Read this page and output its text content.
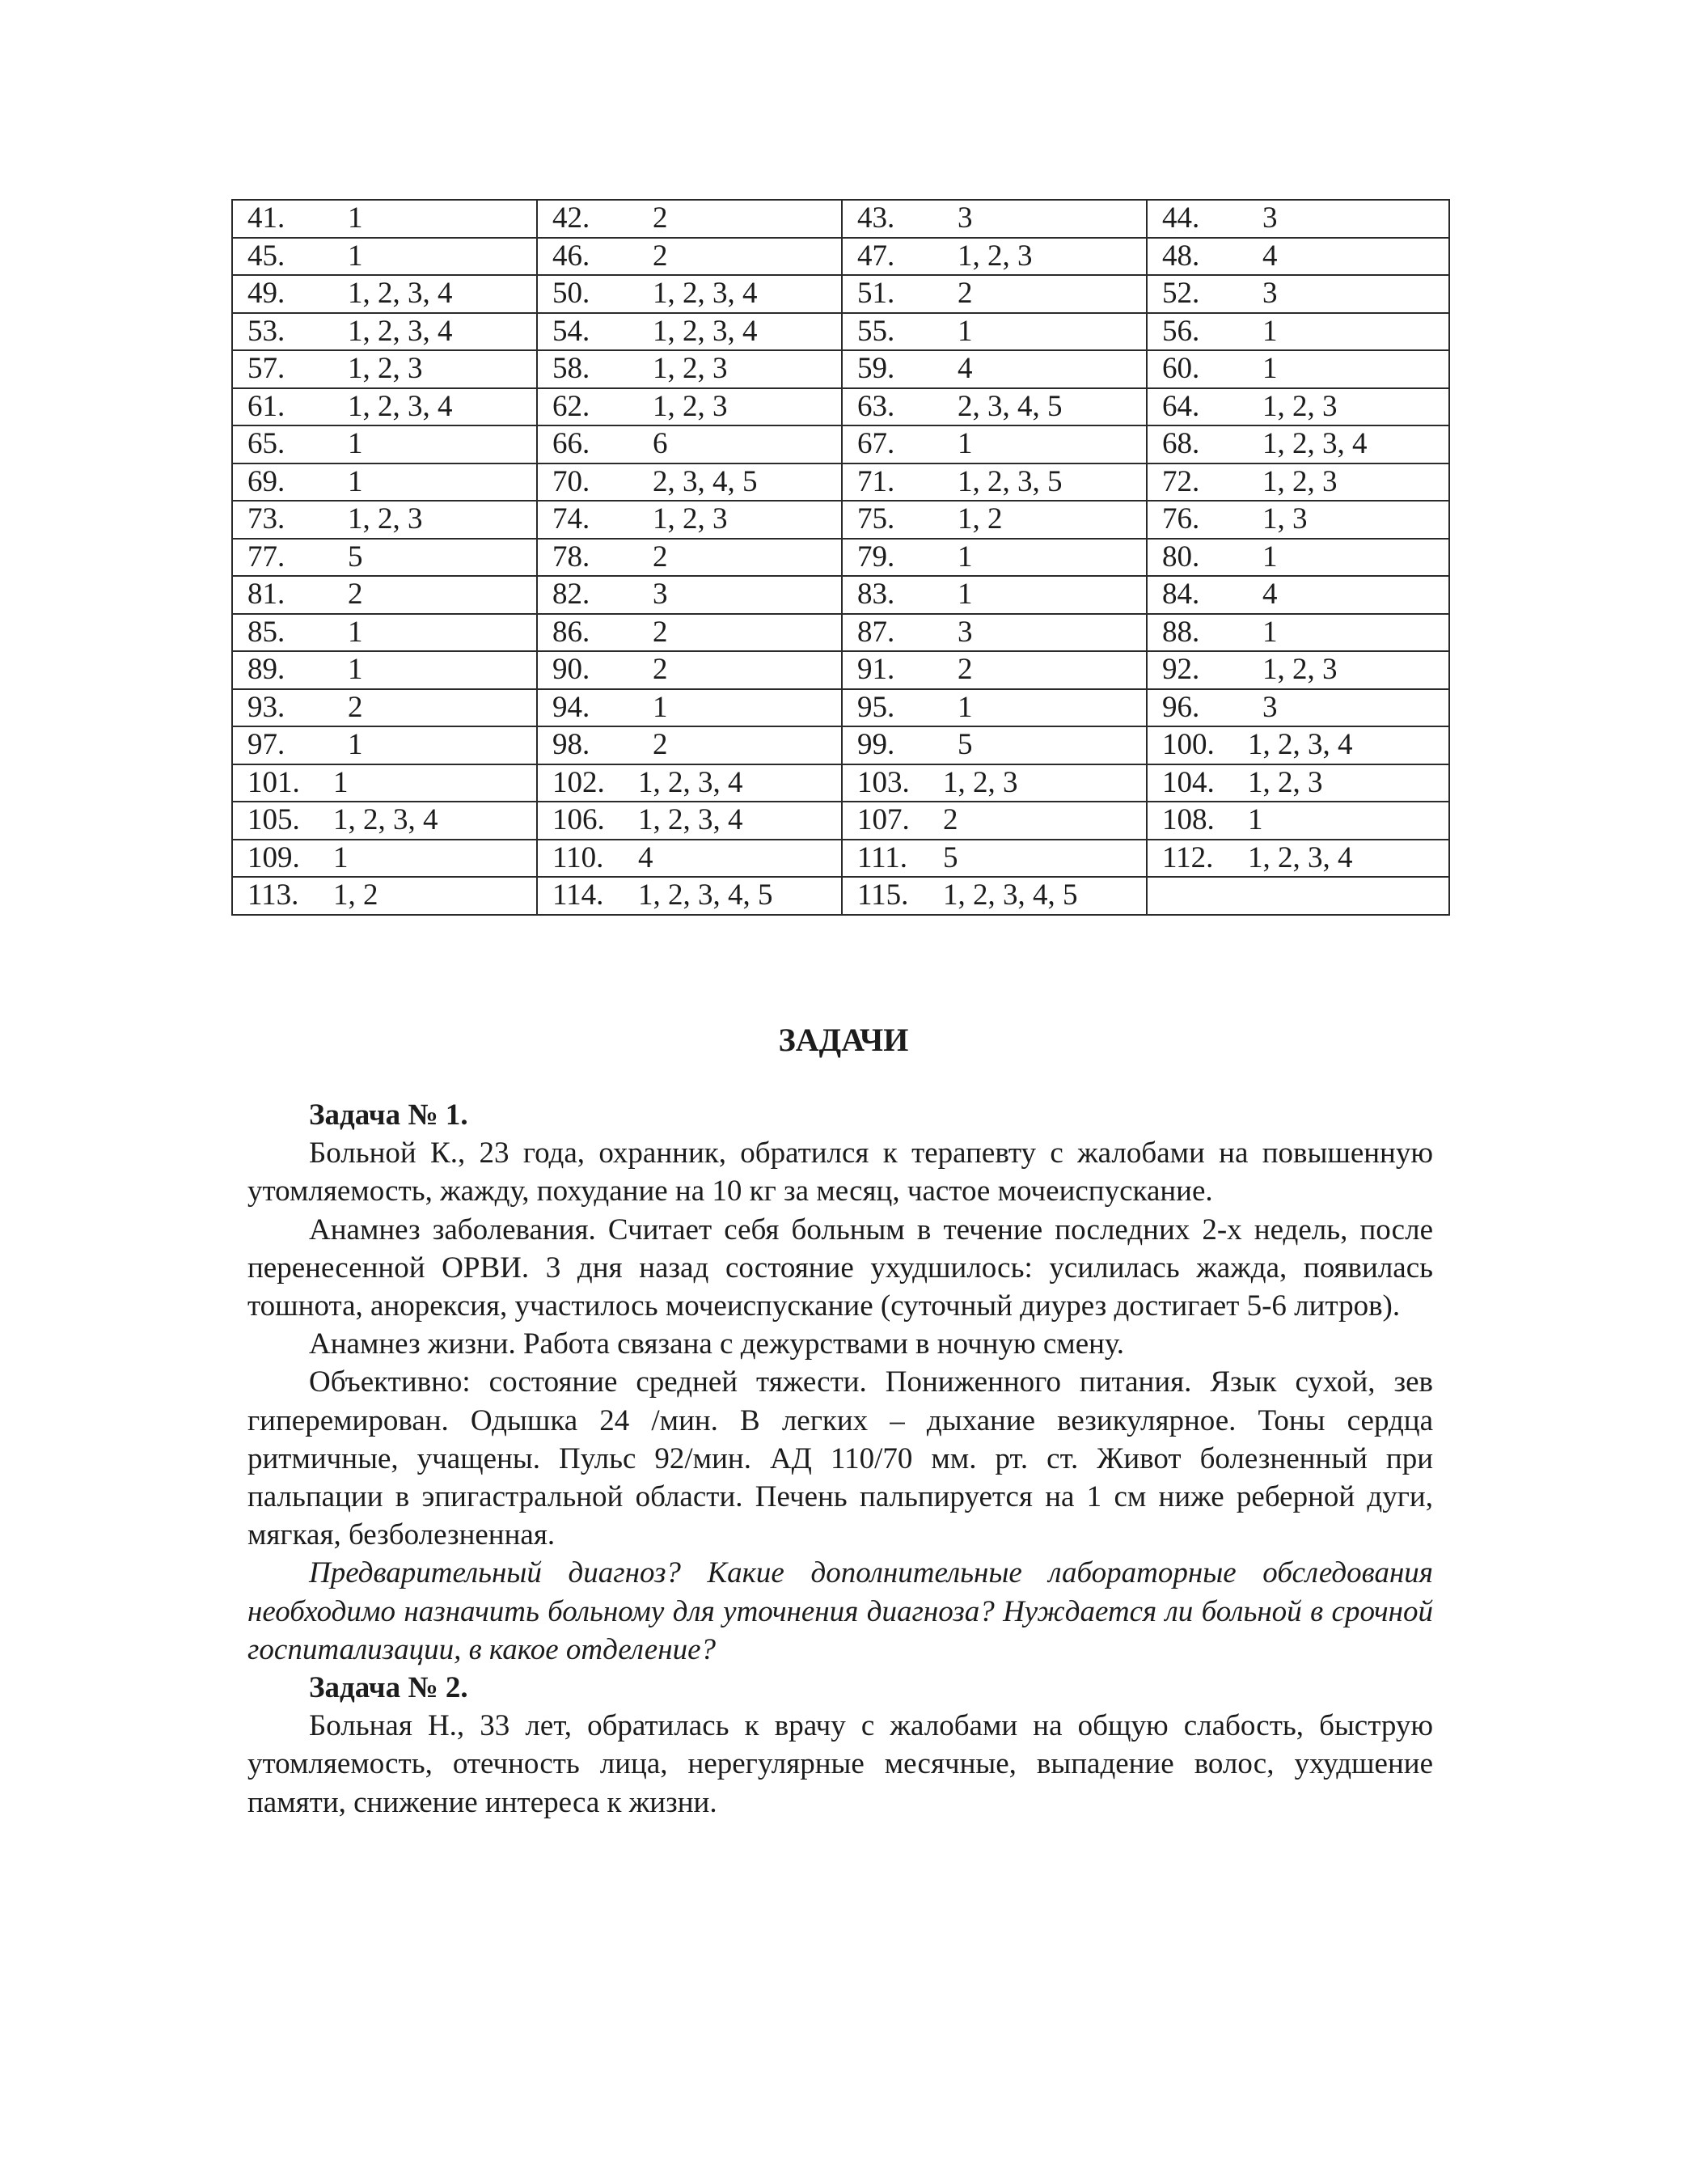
41. 1	42. 2	43. 3	44. 3
45. 1	46. 2	47. 1, 2, 3	48. 4
49. 1, 2, 3, 4	50. 1, 2, 3, 4	51. 2	52. 3
53. 1, 2, 3, 4	54. 1, 2, 3, 4	55. 1	56. 1
57. 1, 2, 3	58. 1, 2, 3	59. 4	60. 1
61. 1, 2, 3, 4	62. 1, 2, 3	63. 2, 3, 4, 5	64. 1, 2, 3
65. 1	66. 6	67. 1	68. 1, 2, 3, 4
69. 1	70. 2, 3, 4, 5	71. 1, 2, 3, 5	72. 1, 2, 3
73. 1, 2, 3	74. 1, 2, 3	75. 1, 2	76. 1, 3
77. 5	78. 2	79. 1	80. 1
81. 2	82. 3	83. 1	84. 4
85. 1	86. 2	87. 3	88. 1
89. 1	90. 2	91. 2	92. 1, 2, 3
93. 2	94. 1	95. 1	96. 3
97. 1	98. 2	99. 5	100. 1, 2, 3, 4
101. 1	102. 1, 2, 3, 4	103. 1, 2, 3	104. 1, 2, 3
105. 1, 2, 3, 4	106. 1, 2, 3, 4	107. 2	108. 1
109. 1	110. 4	111. 5	112. 1, 2, 3, 4
113. 1, 2	114. 1, 2, 3, 4, 5	115. 1, 2, 3, 4, 5	
ЗАДАЧИ

Задача № 1.

Больной К., 23 года, охранник, обратился к терапевту с жалобами на повышенную утомляемость, жажду, похудание на 10 кг за месяц, частое мочеиспускание.

Анамнез заболевания. Считает себя больным в течение последних 2-х недель, после перенесенной ОРВИ. 3 дня назад состояние ухудшилось: усилилась жажда, появилась тошнота, анорексия, участилось мочеиспускание (суточный диурез достигает 5-6 литров).

Анамнез жизни. Работа связана с дежурствами в ночную смену.

Объективно: состояние средней тяжести. Пониженного питания. Язык сухой, зев гиперемирован. Одышка 24 /мин. В легких – дыхание везикулярное. Тоны сердца ритмичные, учащены. Пульс 92/мин. АД 110/70 мм. рт. ст. Живот болезненный при пальпации в эпигастральной области. Печень пальпируется на 1 см ниже реберной дуги, мягкая, безболезненная.

Предварительный диагноз? Какие дополнительные лабораторные обследования необходимо назначить больному для уточнения диагноза? Нуждается ли больной в срочной госпитализации, в какое отделение?

Задача № 2.

Больная Н., 33 лет, обратилась к врачу с жалобами на общую слабость, быструю утомляемость, отечность лица, нерегулярные месячные, выпадение волос, ухудшение памяти, снижение интереса к жизни.
